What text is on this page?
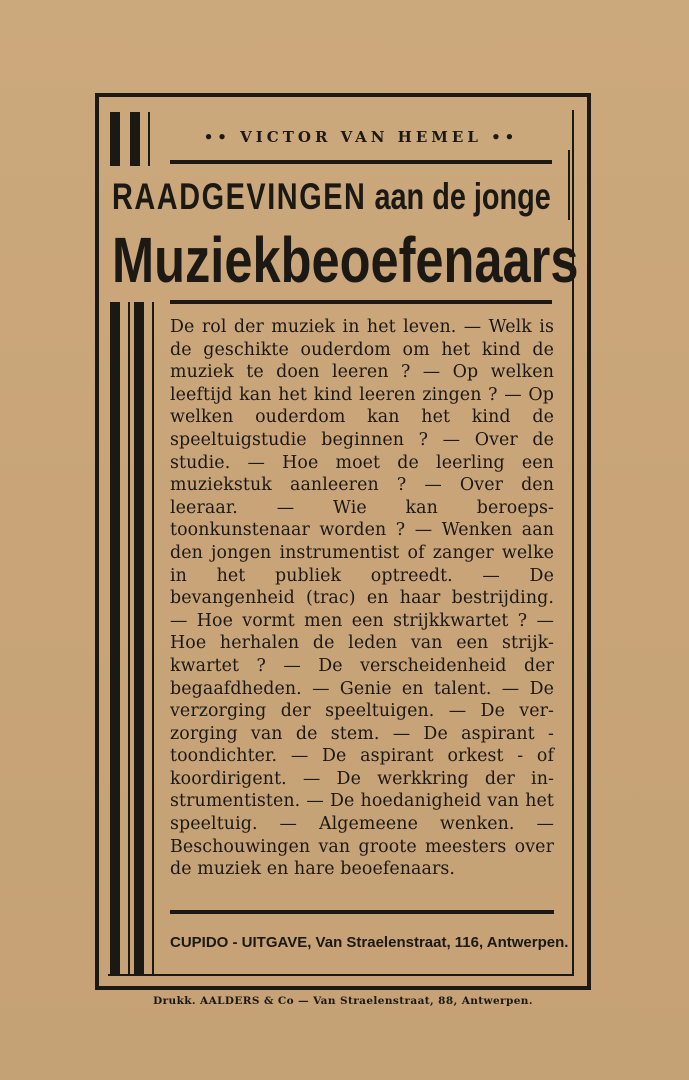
•• VICTOR VAN HEMEL ••
RAADGEVINGEN aan de jonge
Muziekbeoefenaars
De rol der muziek in het leven. — Welk is de geschikte ouderdom om het kind de muziek te doen leeren ? — Op welken leeftijd kan het kind leeren zingen ? — Op welken ouderdom kan het kind de speeltuigstudie beginnen ? — Over de studie. — Hoe moet de leerling een muziekstuk aanleeren ? — Over den leeraar. — Wie kan beroeps-toonkunstenaar worden ? — Wenken aan den jongen instrumentist of zanger welke in het publiek optreedt. — De bevangenheid (trac) en haar bestrijding. — Hoe vormt men een strijkkwartet ? — Hoe herhalen de leden van een strijk-kwartet ? — De verscheidenheid der begaafdheden. — Genie en talent. — De verzorging der speeltuigen. — De ver-zorging van de stem. — De aspirant - toondichter. — De aspirant orkest - of koordirigent. — De werkkring der in-strumentisten. — De hoedanigheid van het speeltuig. — Algemeene wenken. — Beschouwingen van groote meesters over de muziek en hare beoefenaars.
CUPIDO - UITGAVE, Van Straelenstraat, 116, Antwerpen.
Drukk. AALDERS & Co — Van Straelenstraat, 88, Antwerpen.
